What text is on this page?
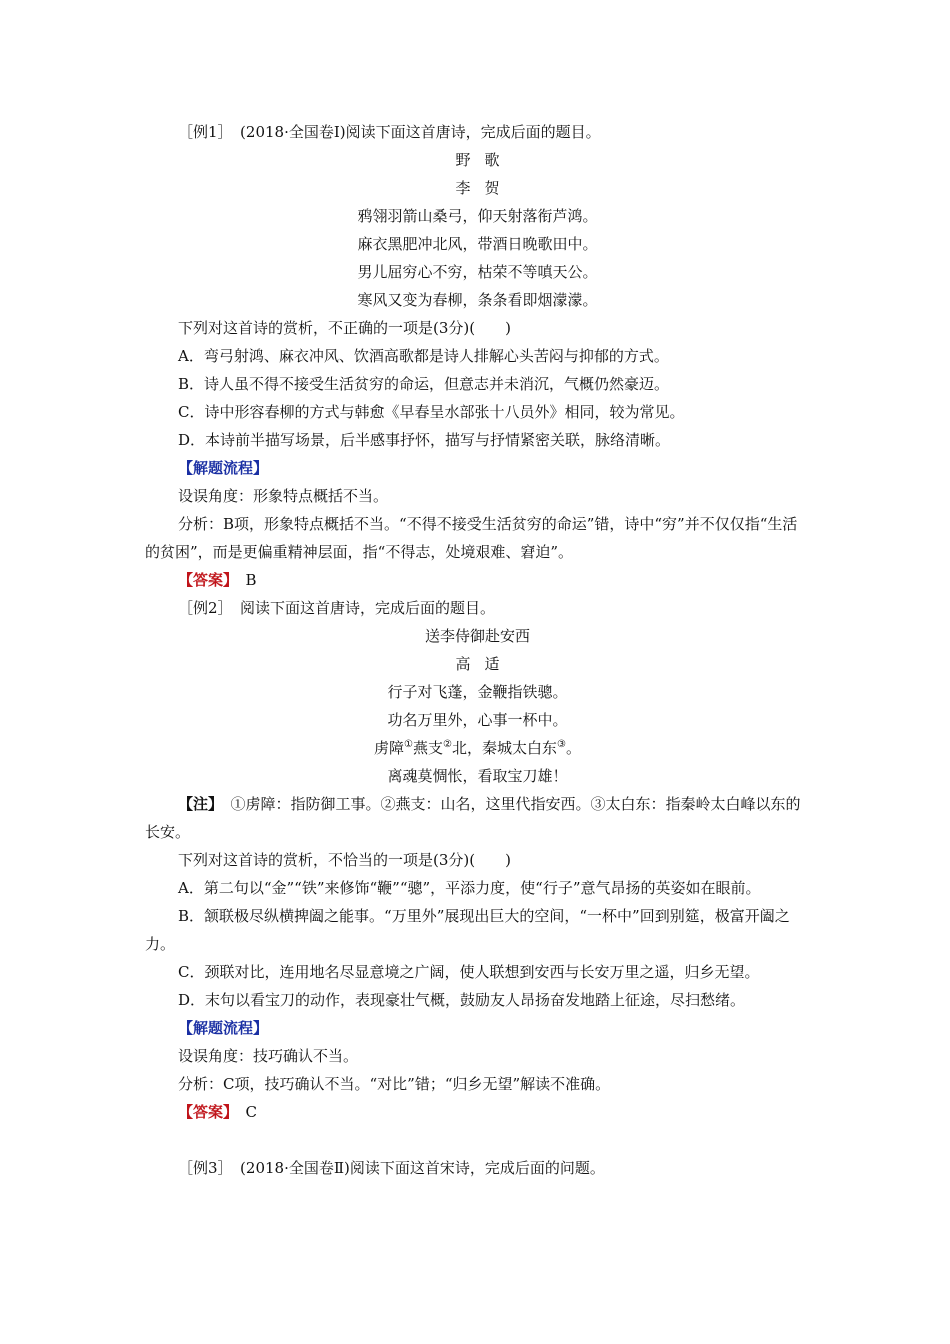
［例1］　(2018·全国卷Ⅰ)阅读下面这首唐诗，完成后面的题目。

野歌

李贺

鸦翎羽箭山桑弓，仰天射落衔芦鸿。

麻衣黑肥冲北风，带酒日晚歌田中。

男儿屈穷心不穷，枯荣不等嗔天公。

寒风又变为春柳，条条看即烟濛濛。

下列对这首诗的赏析，不正确的一项是(3分)(　　)

A．弯弓射鸿、麻衣冲风、饮酒高歌都是诗人排解心头苦闷与抑郁的方式。

B．诗人虽不得不接受生活贫穷的命运，但意志并未消沉，气概仍然豪迈。

C．诗中形容春柳的方式与韩愈《早春呈水部张十八员外》相同，较为常见。

D．本诗前半描写场景，后半感事抒怀，描写与抒情紧密关联，脉络清晰。

【解题流程】

设误角度：形象特点概括不当。

分析：B项，形象特点概括不当。“不得不接受生活贫穷的命运”错，诗中“穷”并不仅仅指“生活的贫困”，而是更偏重精神层面，指“不得志，处境艰难、窘迫”。

【答案】　 B

［例2］　阅读下面这首唐诗，完成后面的题目。

送李侍御赴安西

高适

行子对飞蓬，金鞭指铁骢。

功名万里外，心事一杯中。

虏障①燕支②北，秦城太白东③。

离魂莫惆怅，看取宝刀雄！

【注】　①虏障：指防御工事。②燕支：山名，这里代指安西。③太白东：指秦岭太白峰以东的长安。

下列对这首诗的赏析，不恰当的一项是(3分)(　　)

A．第二句以“金”“铁”来修饰“鞭”“骢”，平添力度，使“行子”意气昂扬的英姿如在眼前。

B．颔联极尽纵横捭阖之能事。“万里外”展现出巨大的空间，“一杯中”回到别筵，极富开阖之力。

C．颈联对比，连用地名尽显意境之广阔，使人联想到安西与长安万里之遥，归乡无望。

D．末句以看宝刀的动作，表现豪壮气概，鼓励友人昂扬奋发地踏上征途，尽扫愁绪。

【解题流程】

设误角度：技巧确认不当。

分析：C项，技巧确认不当。“对比”错；“归乡无望”解读不准确。

【答案】　 C

［例3］　(2018·全国卷Ⅱ)阅读下面这首宋诗，完成后面的问题。
